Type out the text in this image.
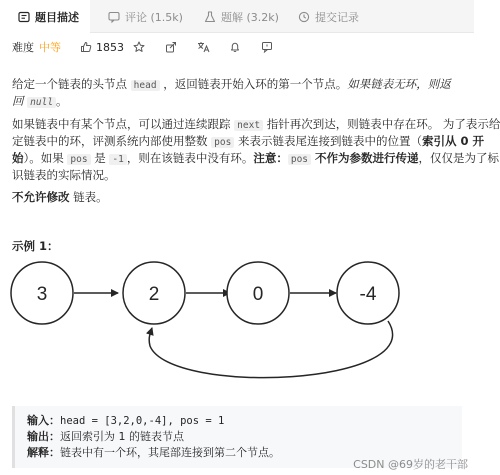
题目描述	评论 (1.5k)	题解 (3.2k)	提交记录
难度 中等	1853
给定一个链表的头节点 head ，返回链表开始入环的第一个节点。如果链表无环，则返
回 null 。
如果链表中有某个节点，可以通过连续跟踪 next 指针再次到达，则链表中存在环。 为了表示给
定链表中的环，评测系统内部使用整数 pos 来表示链表尾连接到链表中的位置（索引从 0 开
始）。如果 pos 是 -1 ，则在该链表中没有环。注意： pos 不作为参数进行传递，仅仅是为了标
识链表的实际情况。
不允许修改 链表。
示例 1：
3	2	0	-4
输入：head = [3,2,0,-4], pos = 1
输出：返回索引为 1 的链表节点
解释：链表中有一个环，其尾部连接到第二个节点。
CSDN @69岁的老干部
